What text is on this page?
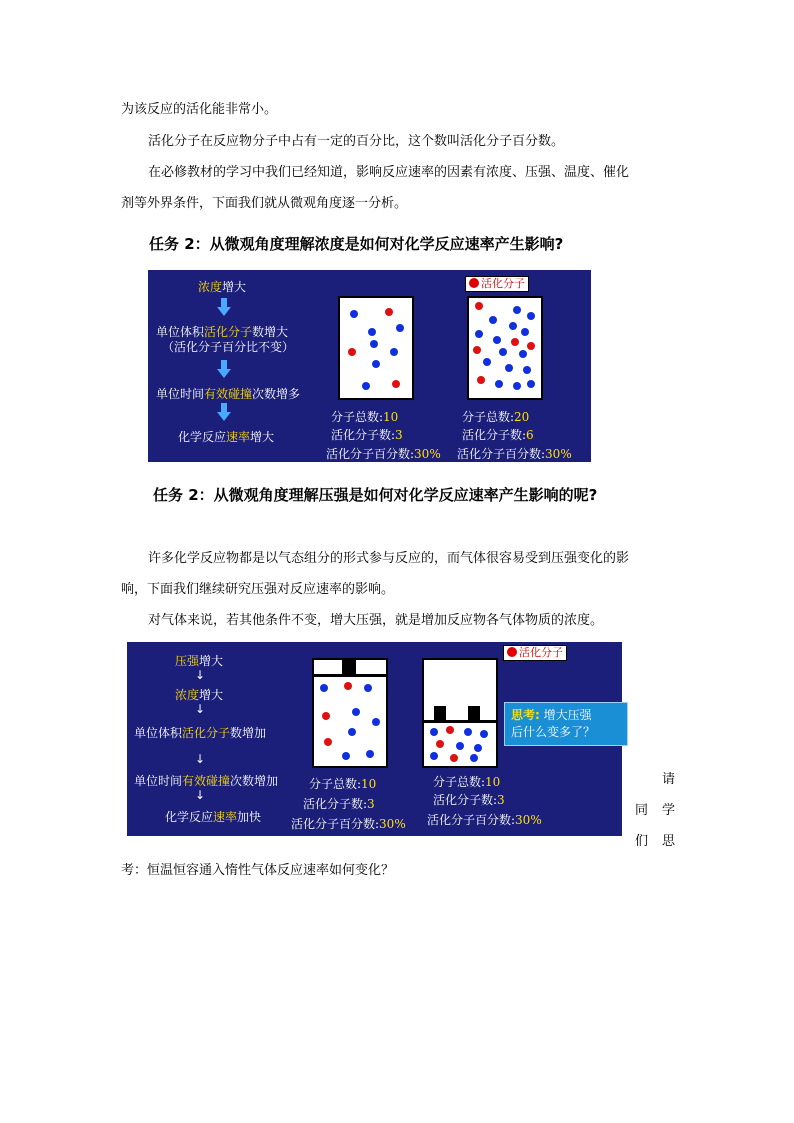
为该反应的活化能非常小。

活化分子在反应物分子中占有一定的百分比，这个数叫活化分子百分数。

在必修教材的学习中我们已经知道，影响反应速率的因素有浓度、压强、温度、催化

剂等外界条件，下面我们就从微观角度逐一分析。

任务 2：从微观角度理解浓度是如何对化学反应速率产生影响?
浓度增大
单位体积活化分子数增大
（活化分子百分比不变）
单位时间有效碰撞次数增多
化学反应速率增大
活化分子
分子总数:10
活化分子数:3
活化分子百分数:30%
分子总数:20
活化分子数:6
活化分子百分数:30%
任务 2：从微观角度理解压强是如何对化学反应速率产生影响的呢?

许多化学反应物都是以气态组分的形式参与反应的，而气体很容易受到压强变化的影

响，下面我们继续研究压强对反应速率的影响。

对气体来说，若其他条件不变，增大压强，就是增加反应物各气体物质的浓度。

压强增大
↓
浓度增大
↓
单位体积活化分子数增加
↓
单位时间有效碰撞次数增加
↓
化学反应速率加快
活化分子
思考: 增大压强
后什么变多了？
分子总数:10
活化分子数:3
活化分子百分数:30%
分子总数:10
活化分子数:3
活化分子百分数:30%
请
同 学
们 思

考：恒温恒容通入惰性气体反应速率如何变化？
